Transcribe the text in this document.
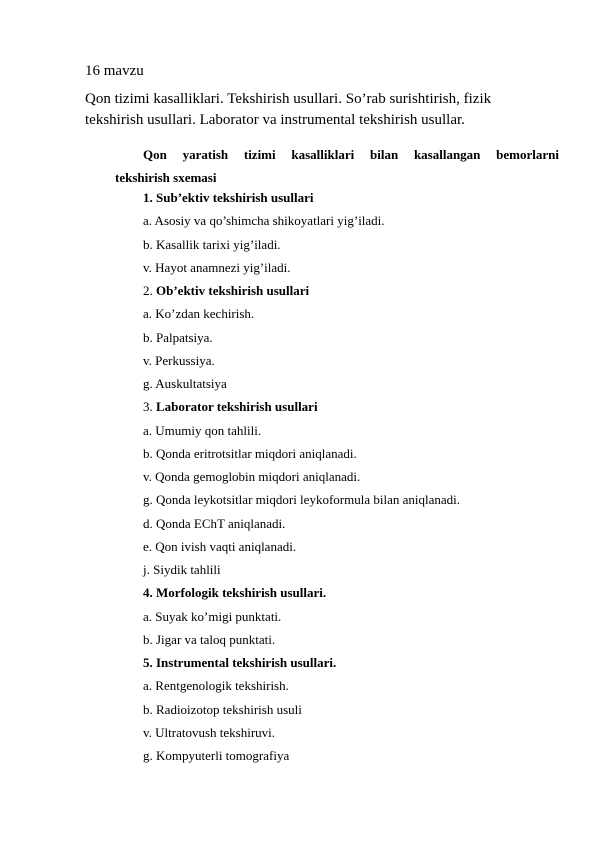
16 mavzu
Qon tizimi kasalliklari. Tekshirish usullari. So’rab surishtirish, fizik tekshirish usullari. Laborator va instrumental tekshirish usullar.
Qon yaratish tizimi kasalliklari bilan kasallangan bemorlarni
tekshirish sxemasi
1. Sub’ektiv tekshirish usullari
a. Asosiy va qo’shimcha shikoyatlari yig’iladi.
b. Kasallik tarixi yig’iladi.
v. Hayot anamnezi yig’iladi.
2. Ob’ektiv tekshirish usullari
a. Ko’zdan kechirish.
b. Palpatsiya.
v. Perkussiya.
g. Auskultatsiya
3. Laborator tekshirish usullari
a. Umumiy qon tahlili.
b. Qonda eritrotsitlar miqdori aniqlanadi.
v. Qonda gemoglobin miqdori aniqlanadi.
g. Qonda leykotsitlar miqdori leykoformula bilan aniqlanadi.
d. Qonda EChT aniqlanadi.
e. Qon ivish vaqti aniqlanadi.
j. Siydik tahlili
4. Morfologik tekshirish usullari.
a. Suyak ko’migi punktati.
b. Jigar va taloq punktati.
5. Instrumental tekshirish usullari.
a. Rentgenologik tekshirish.
b. Radioizotop tekshirish usuli
v. Ultratovush tekshiruvi.
g. Kompyuterli tomografiya
